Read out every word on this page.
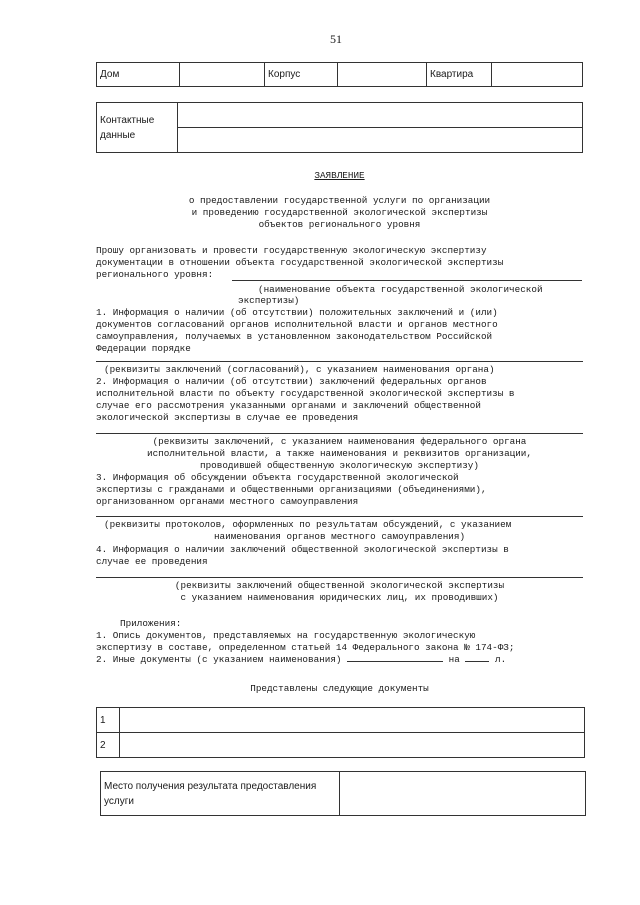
51
Дом		Корпус		Квартира	
Контактные
данные	

ЗАЯВЛЕНИЕ
о предоставлении государственной услуги по организации
и проведению государственной экологической экспертизы
объектов регионального уровня
Прошу организовать и провести государственную экологическую экспертизу
документации в отношении объекта государственной экологической экспертизы
регионального уровня:
(наименование объекта государственной экологической
экспертизы)
1. Информация о наличии (об отсутствии) положительных заключений и (или)
документов согласований органов исполнительной власти и органов местного
самоуправления, получаемых в установленном законодательством Российской
Федерации порядке
(реквизиты заключений (согласований), с указанием наименования органа)
2. Информация о наличии (об отсутствии) заключений федеральных органов
исполнительной власти по объекту государственной экологической экспертизы в
случае его рассмотрения указанными органами и заключений общественной
экологической экспертизы в случае ее проведения
(реквизиты заключений, с указанием наименования федерального органа
исполнительной власти, а также наименования и реквизитов организации,
проводившей общественную экологическую экспертизу)
3. Информация об обсуждении объекта государственной экологической
экспертизы с гражданами и общественными организациями (объединениями),
организованном органами местного самоуправления
(реквизиты протоколов, оформленных по результатам обсуждений, с указанием
наименования органов местного самоуправления)
4. Информация о наличии заключений общественной экологической экспертизы в
случае ее проведения
(реквизиты заключений общественной экологической экспертизы
с указанием наименования юридических лиц, их проводивших)
Приложения:
1. Опись документов, представляемых на государственную экологическую
экспертизу в составе, определенном статьей 14 Федерального закона № 174-ФЗ;
2. Иные документы (с указанием наименования)	на	л.
Представлены следующие документы
1	
2	
Место получения результата предоставления
услуги	
